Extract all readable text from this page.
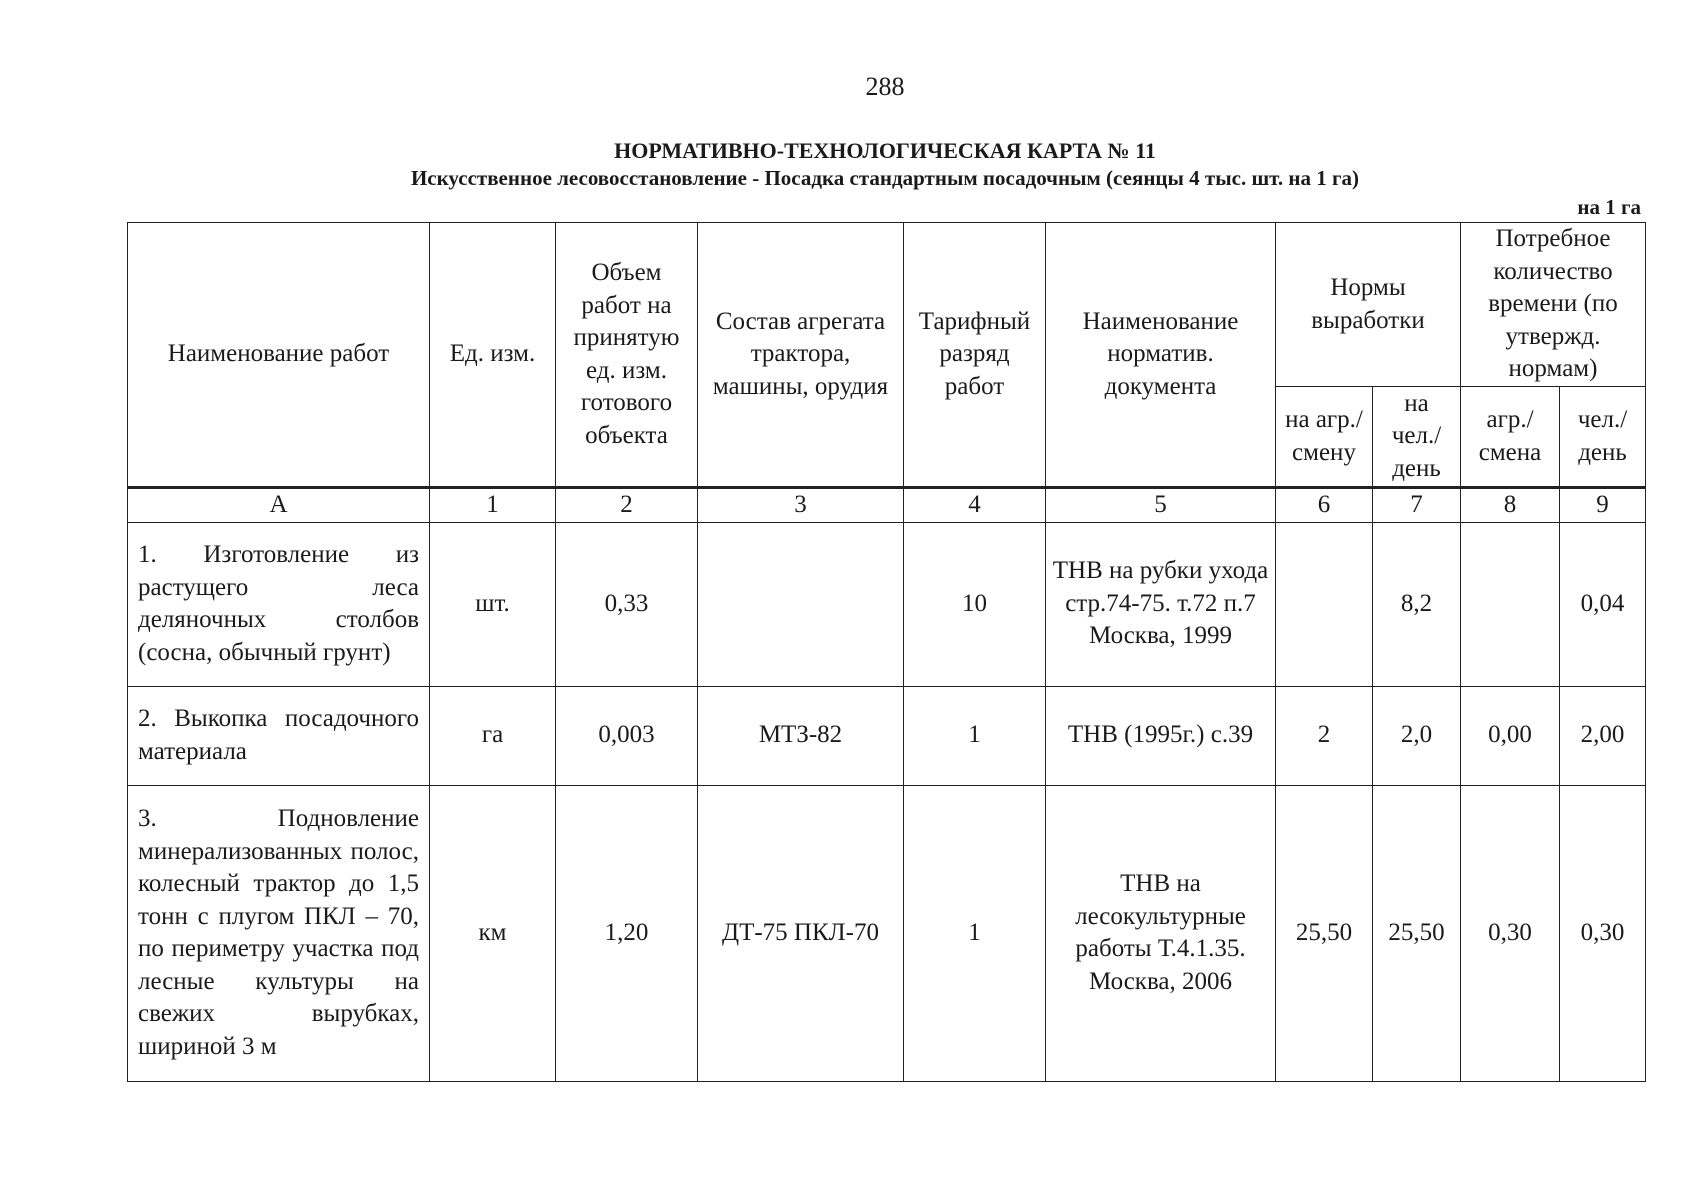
288
НОРМАТИВНО-ТЕХНОЛОГИЧЕСКАЯ КАРТА № 11
Искусственное лесовосстановление - Посадка стандартным посадочным (сеянцы 4 тыс. шт. на 1 га)
на 1 га
Наименование работ	Ед. изм.	Объем работ на принятую ед. изм. готового объекта	Состав агрегата трактора, машины, орудия	Тарифный разряд работ	Наименование норматив. документа	Нормы выработки		Потребное количество времени (по утвержд. нормам)	
						на агр./ смену	на чел./ день	агр./ смена	чел./ день
А	1	2	3	4	5	6	7	8	9
1. Изготовление из растущего леса деляночных столбов (сосна, обычный грунт)	шт.	0,33		10	ТНВ на рубки ухода стр.74-75. т.72 п.7 Москва, 1999		8,2		0,04
2. Выкопка посадочного материала	га	0,003	МТЗ-82	1	ТНВ (1995г.) с.39	2	2,0	0,00	2,00
3. Подновление минерализованных полос, колесный трактор до 1,5 тонн с плугом ПКЛ – 70, по периметру участка под лесные культуры на свежих вырубках, шириной 3 м	км	1,20	ДТ-75 ПКЛ-70	1	ТНВ на лесокультурные работы Т.4.1.35. Москва, 2006	25,50	25,50	0,30	0,30
